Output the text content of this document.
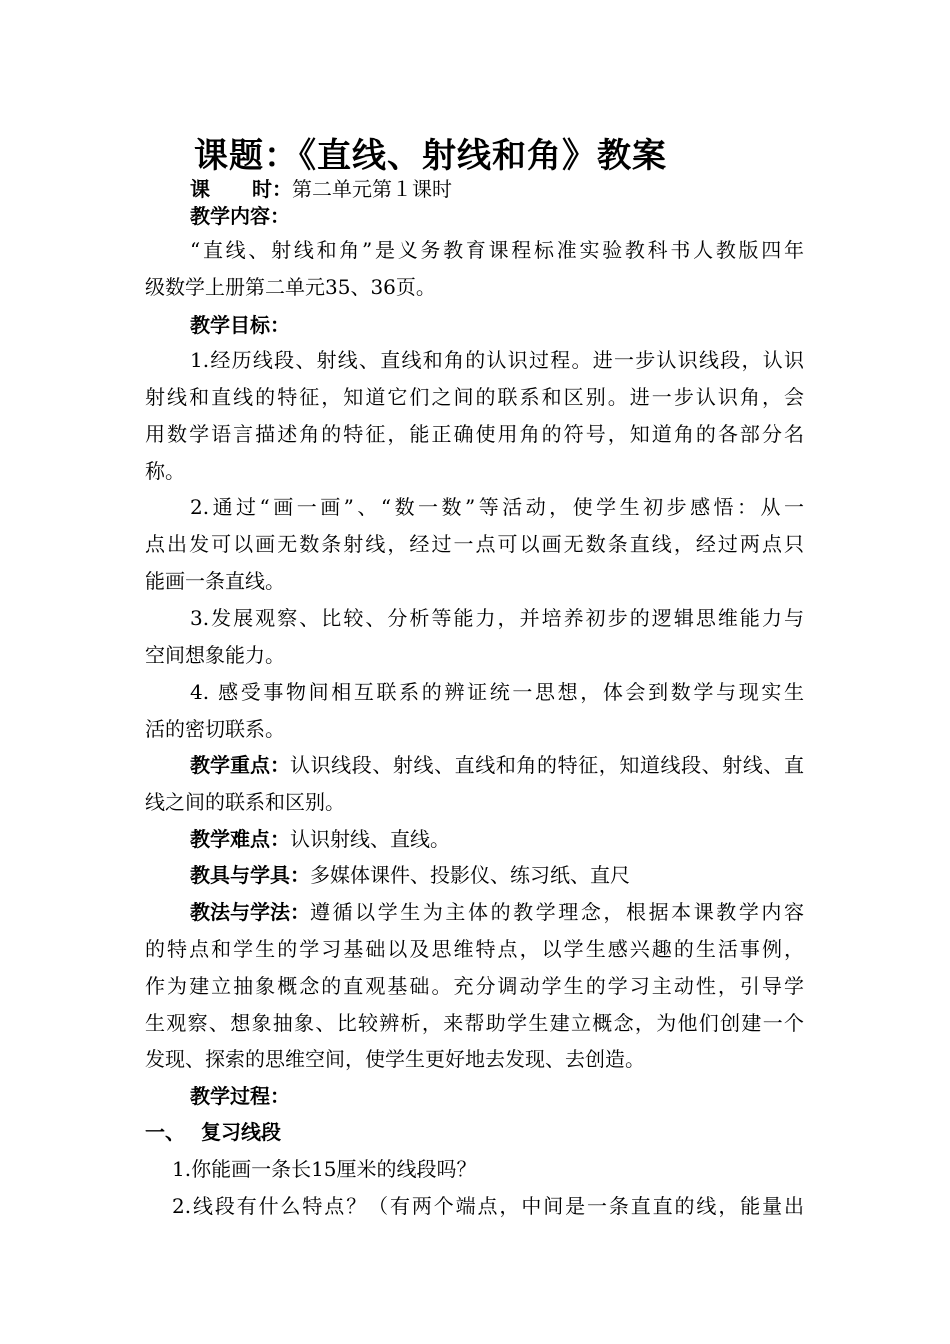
课题：《直线、射线和角》教案
课 时：第二单元第１课时
教学内容：
“直线、射线和角”是义务教育课程标准实验教科书人教版四年
级数学上册第二单元35、36页。
教学目标：
1.经历线段、射线、直线和角的认识过程。进一步认识线段，认识
射线和直线的特征，知道它们之间的联系和区别。进一步认识角，会
用数学语言描述角的特征，能正确使用角的符号，知道角的各部分名
称。
2.通过“画一画”、“数一数”等活动，使学生初步感悟：从一
点出发可以画无数条射线，经过一点可以画无数条直线，经过两点只
能画一条直线。
3.发展观察、比较、分析等能力，并培养初步的逻辑思维能力与
空间想象能力。
4. 感受事物间相互联系的辨证统一思想，体会到数学与现实生
活的密切联系。
教学重点： 认识线段、射线、直线和角的特征，知道线段、射线、直
线之间的联系和区别。
教学难点：认识射线、直线。
教具与学具：多媒体课件、投影仪、练习纸、直尺
教法与学法： 遵循以学生为主体的教学理念，根据本课教学内容
的特点和学生的学习基础以及思维特点，以学生感兴趣的生活事例，
作为建立抽象概念的直观基础。充分调动学生的学习主动性，引导学
生观察、想象抽象、比较辨析，来帮助学生建立概念，为他们创建一个
发现、探索的思维空间，使学生更好地去发现、去创造。
教学过程：
一、 复习线段
1.你能画一条长15厘米的线段吗？
2.线段有什么特点？（有两个端点，中间是一条直直的线，能量出
